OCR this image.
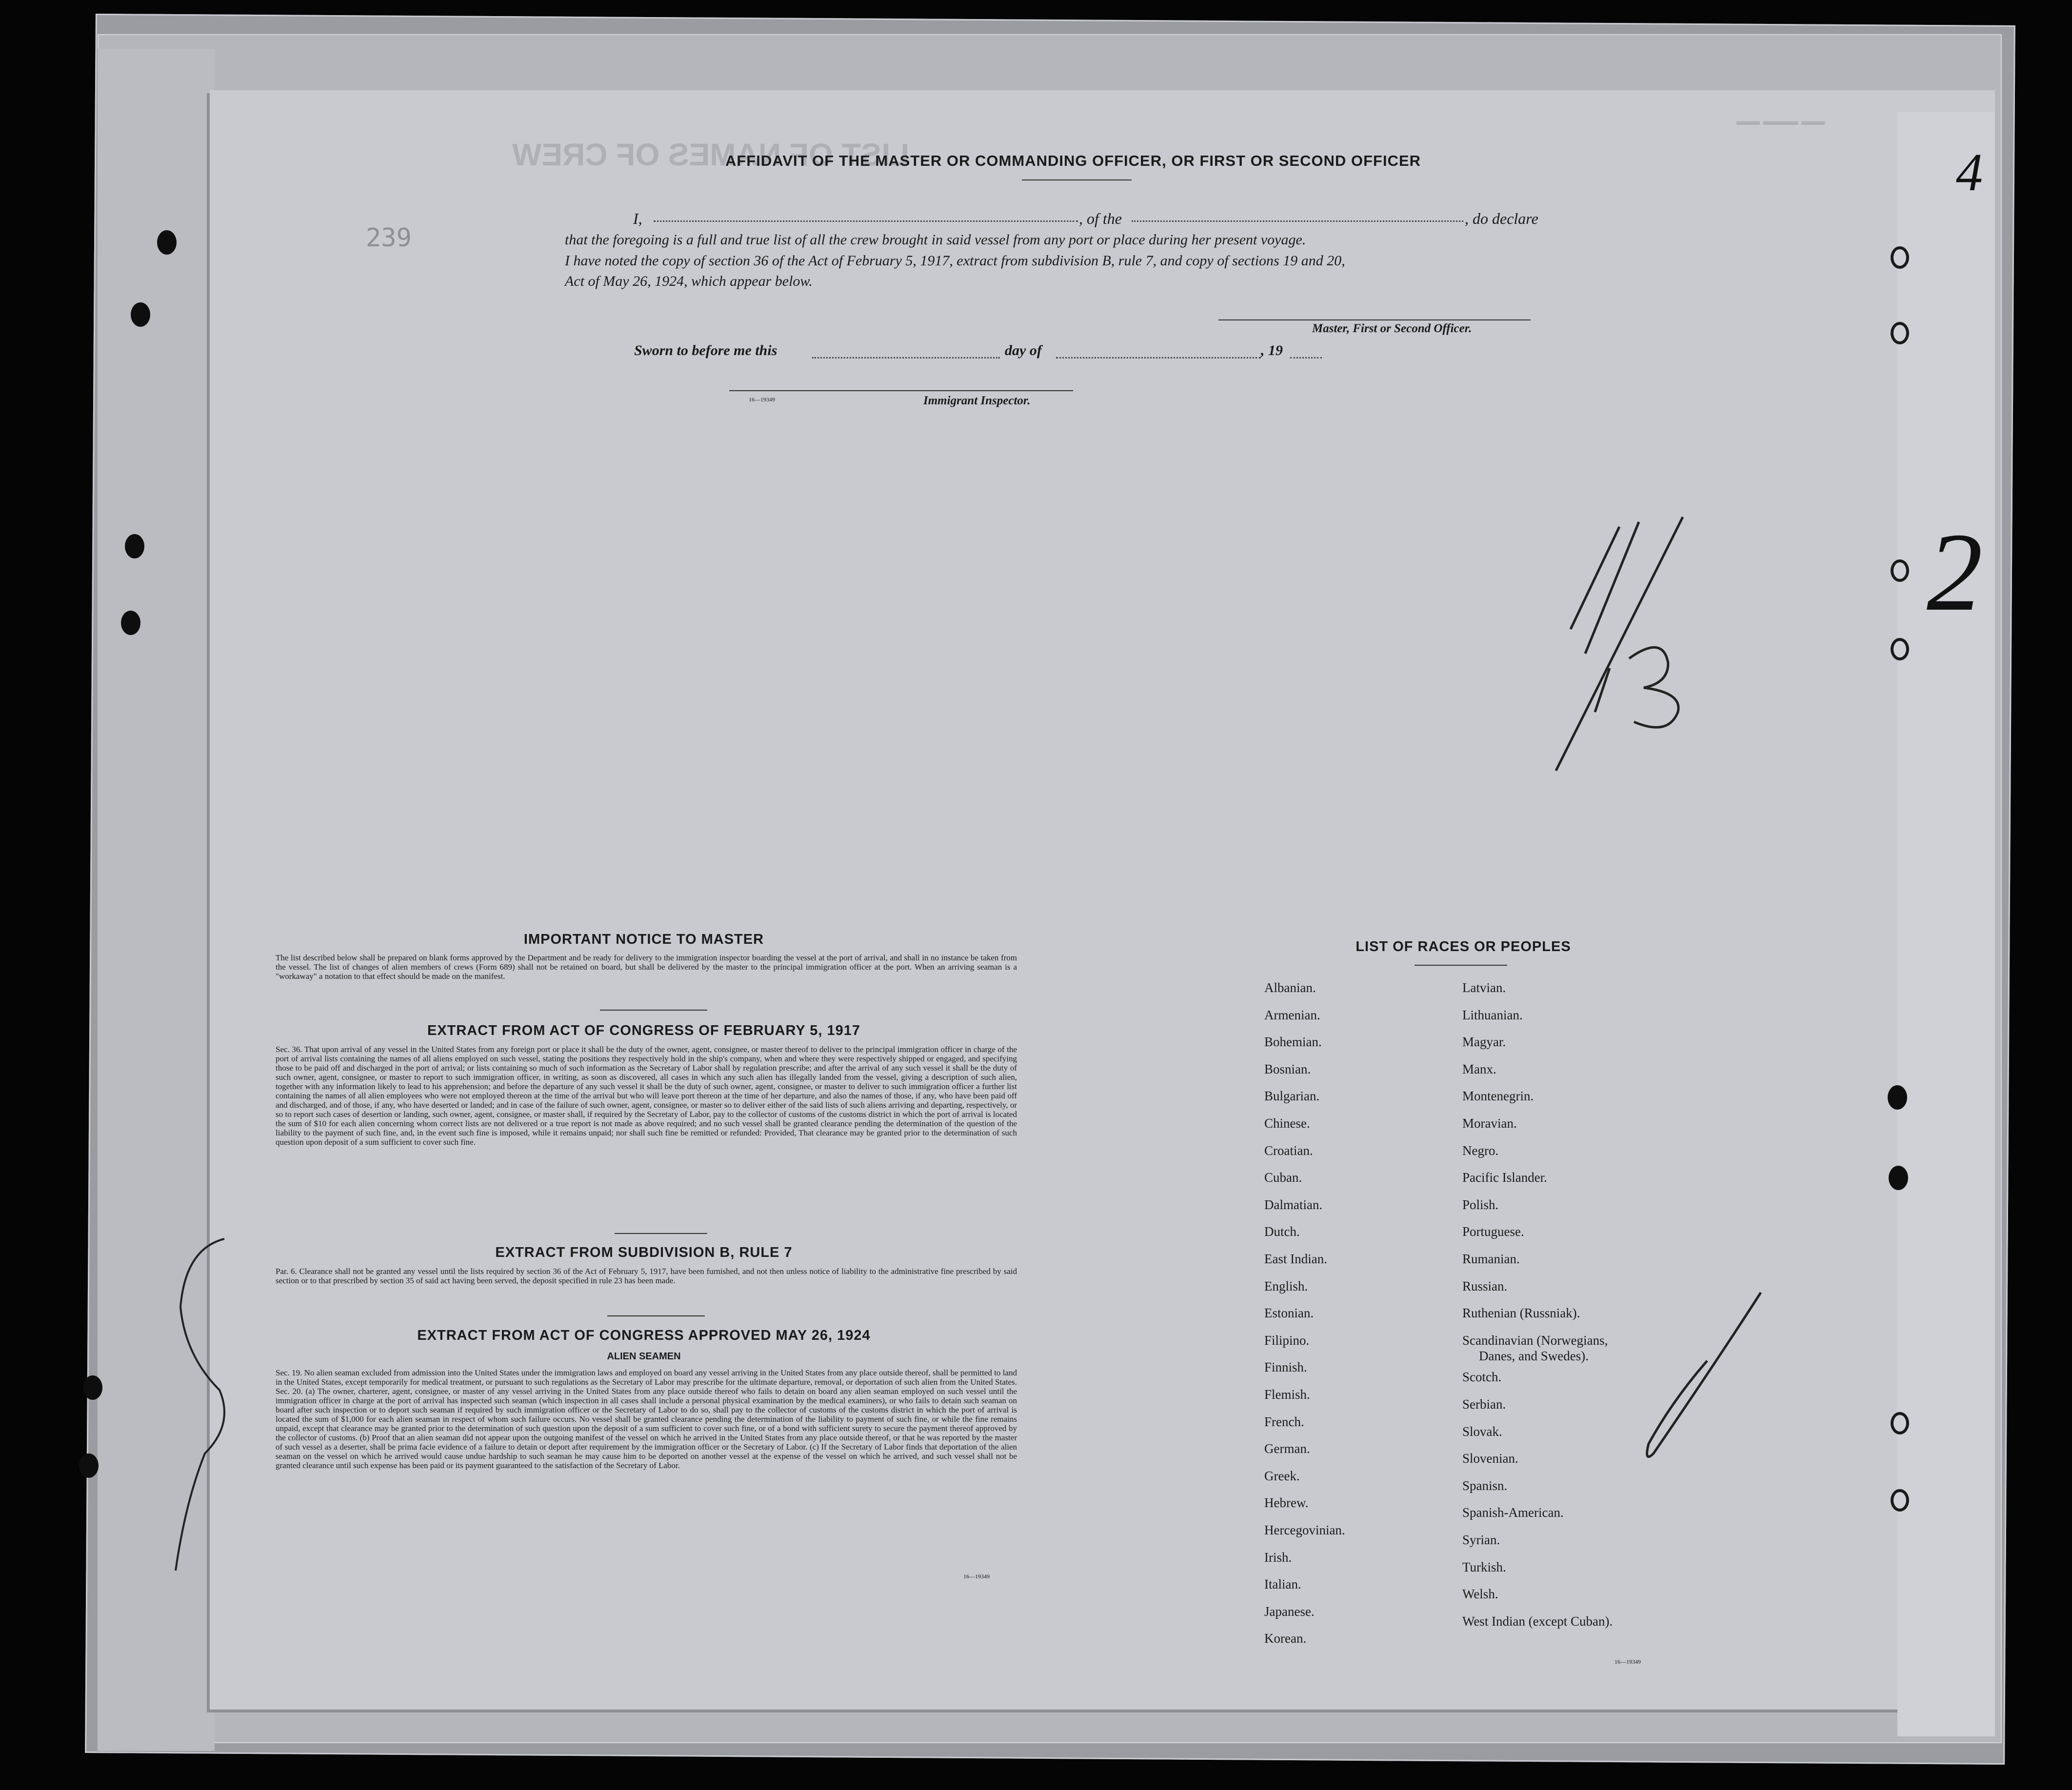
LIST OF NAMES OF CREW
▬▬ ▬▬▬ ▬▬
4
2
AFFIDAVIT OF THE MASTER OR COMMANDING OFFICER, OR FIRST OR SECOND OFFICER
I,	, of the	, do declare
that the foregoing is a full and true list of all the crew brought in said vessel from any port or place during her present voyage.
I have noted the copy of section 36 of the Act of February 5, 1917, extract from subdivision B, rule 7, and copy of sections 19 and 20,
Act of May 26, 1924, which appear below.
Master, First or Second Officer.
Sworn to before me this	day of	, 19
16—19349	Immigrant Inspector.
239
IMPORTANT NOTICE TO MASTER
The list described below shall be prepared on blank forms approved by the Department and be ready for delivery to the immigration inspector boarding the vessel at the port of arrival, and shall in no instance be taken from the vessel. The list of changes of alien members of crews (Form 689) shall not be retained on board, but shall be delivered by the master to the principal immigration officer at the port. When an arriving seaman is a "workaway" a notation to that effect should be made on the manifest.
EXTRACT FROM ACT OF CONGRESS OF FEBRUARY 5, 1917
Sec. 36. That upon arrival of any vessel in the United States from any foreign port or place it shall be the duty of the owner, agent, consignee, or master thereof to deliver to the principal immigration officer in charge of the port of arrival lists containing the names of all aliens employed on such vessel, stating the positions they respectively hold in the ship's company, when and where they were respectively shipped or engaged, and specifying those to be paid off and discharged in the port of arrival; or lists containing so much of such information as the Secretary of Labor shall by regulation prescribe; and after the arrival of any such vessel it shall be the duty of such owner, agent, consignee, or master to report to such immigration officer, in writing, as soon as discovered, all cases in which any such alien has illegally landed from the vessel, giving a description of such alien, together with any information likely to lead to his apprehension; and before the departure of any such vessel it shall be the duty of such owner, agent, consignee, or master to deliver to such immigration officer a further list containing the names of all alien employees who were not employed thereon at the time of the arrival but who will leave port thereon at the time of her departure, and also the names of those, if any, who have been paid off and discharged, and of those, if any, who have deserted or landed; and in case of the failure of such owner, agent, consignee, or master so to deliver either of the said lists of such aliens arriving and departing, respectively, or so to report such cases of desertion or landing, such owner, agent, consignee, or master shall, if required by the Secretary of Labor, pay to the collector of customs of the customs district in which the port of arrival is located the sum of $10 for each alien concerning whom correct lists are not delivered or a true report is not made as above required; and no such vessel shall be granted clearance pending the determination of the question of the liability to the payment of such fine, and, in the event such fine is imposed, while it remains unpaid; nor shall such fine be remitted or refunded: Provided, That clearance may be granted prior to the determination of such question upon deposit of a sum sufficient to cover such fine.
EXTRACT FROM SUBDIVISION B, RULE 7
Par. 6. Clearance shall not be granted any vessel until the lists required by section 36 of the Act of February 5, 1917, have been furnished, and not then unless notice of liability to the administrative fine prescribed by said section or to that prescribed by section 35 of said act having been served, the deposit specified in rule 23 has been made.
EXTRACT FROM ACT OF CONGRESS APPROVED MAY 26, 1924
ALIEN SEAMEN
Sec. 19. No alien seaman excluded from admission into the United States under the immigration laws and employed on board any vessel arriving in the United States from any place outside thereof, shall be permitted to land in the United States, except temporarily for medical treatment, or pursuant to such regulations as the Secretary of Labor may prescribe for the ultimate departure, removal, or deportation of such alien from the United States. Sec. 20. (a) The owner, charterer, agent, consignee, or master of any vessel arriving in the United States from any place outside thereof who fails to detain on board any alien seaman employed on such vessel until the immigration officer in charge at the port of arrival has inspected such seaman (which inspection in all cases shall include a personal physical examination by the medical examiners), or who fails to detain such seaman on board after such inspection or to deport such seaman if required by such immigration officer or the Secretary of Labor to do so, shall pay to the collector of customs of the customs district in which the port of arrival is located the sum of $1,000 for each alien seaman in respect of whom such failure occurs. No vessel shall be granted clearance pending the determination of the liability to payment of such fine, or while the fine remains unpaid, except that clearance may be granted prior to the determination of such question upon the deposit of a sum sufficient to cover such fine, or of a bond with sufficient surety to secure the payment thereof approved by the collector of customs. (b) Proof that an alien seaman did not appear upon the outgoing manifest of the vessel on which he arrived in the United States from any place outside thereof, or that he was reported by the master of such vessel as a deserter, shall be prima facie evidence of a failure to detain or deport after requirement by the immigration officer or the Secretary of Labor. (c) If the Secretary of Labor finds that deportation of the alien seaman on the vessel on which he arrived would cause undue hardship to such seaman he may cause him to be deported on another vessel at the expense of the vessel on which he arrived, and such vessel shall not be granted clearance until such expense has been paid or its payment guaranteed to the satisfaction of the Secretary of Labor.
16—19349
LIST OF RACES OR PEOPLES
Albanian.
Armenian.
Bohemian.
Bosnian.
Bulgarian.
Chinese.
Croatian.
Cuban.
Dalmatian.
Dutch.
East Indian.
English.
Estonian.
Filipino.
Finnish.
Flemish.
French.
German.
Greek.
Hebrew.
Hercegovinian.
Irish.
Italian.
Japanese.
Korean.
Latvian.
Lithuanian.
Magyar.
Manx.
Montenegrin.
Moravian.
Negro.
Pacific Islander.
Polish.
Portuguese.
Rumanian.
Russian.
Ruthenian (Russniak).
Scandinavian (Norwegians,
Danes, and Swedes).
Scotch.
Serbian.
Slovak.
Slovenian.
Spanisn.
Spanish-American.
Syrian.
Turkish.
Welsh.
West Indian (except Cuban).
16—19349
